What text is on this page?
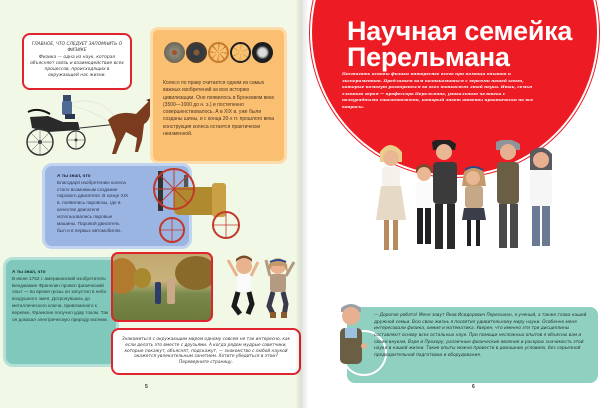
ГЛАВНОЕ, ЧТО СЛЕДУЕТ ЗАПОМНИТЬ О ФИЗИКЕ
Физика — одна из наук, которая объясняет связь и взаимодействие всех процессов, происходящих в окружающей нас жизни.
Колесо по праву считается одним из самых важных изобретений за всю историю цивилизации. Оно появилось в Бронзовом веке (3500—1000 до н. э.) и постепенно совершенствовалось. А в XIX в. уже были созданы шины, и с конца 20-х гг. прошлого века конструкция колеса остается практически неизменной.
А ты знал, что
Благодаря изобретению колеса стало возможным создание парового двигателя. В конце XIX в. появились паровозы, где в качестве двигателя использовались паровые машины. Паровой двигатель был и в первых автомобилях.
А ты знал, что
В июне 1752 г. американский изобретатель Бенджамин Франклин провел физический опыт — во время грозы он запустил в небо воздушного змея. Дотронувшись до металлического ключа, привязанного к веревке, Франклин получил удар током. Так он доказал электрическую природу молнии.
Знакомиться с окружающим миром одному совсем не так интересно, как если делать это вместе с друзьями. А когда рядом мудрые советчики, которые покажут, объяснят, подскажут, — знакомство с любой наукой окажется увлекательным занятием. Хотите убедиться в этом? Переверните страницу.
5
Научная семейка
Перельмана
Постигать основы физики интереснее всего при помощи опытов и экспериментов. Предлагаем вам познакомиться с героями нашей книги, которые помогут разобраться во всех тонкостях этой науки. Итак, семья главного героя — профессора Перельмана, уникального человека с незаурядными способностями, который знает ответы практически на все вопросы.
— Дорогие ребята! Меня зовут Яков Исидорович Перельман, я ученый, а также глава нашей дружной семьи. Всю свою жизнь я посвятил удивительному миру науки. Особенно меня интересовали физика, химия и математика. Уверен, что именно эти три дисциплины составляют основу всех остальных наук. При помощи несложных опытов я объясню вам и своим внукам, Варе и Прохору, различные физические явления и раскрою значимость этой науки в нашей жизни. Такие опыты можно провести в домашних условиях, без серьезной предварительной подготовки и оборудования.
6
